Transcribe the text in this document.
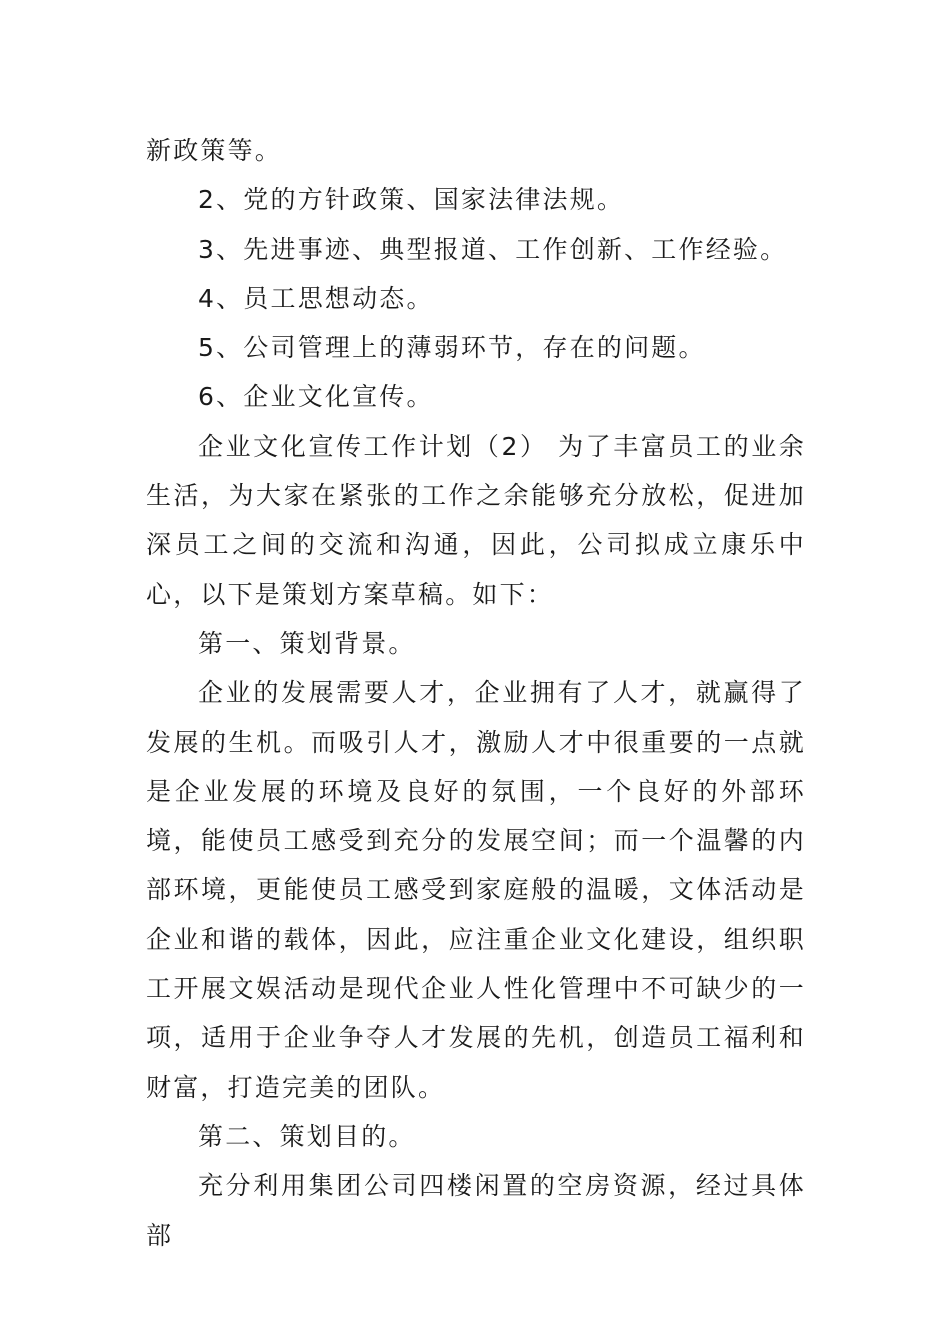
新政策等。

2、党的方针政策、国家法律法规。

3、先进事迹、典型报道、工作创新、工作经验。

4、员工思想动态。

5、公司管理上的薄弱环节，存在的问题。

6、企业文化宣传。

企业文化宣传工作计划（2） 为了丰富员工的业余生活，为大家在紧张的工作之余能够充分放松，促进加深员工之间的交流和沟通，因此，公司拟成立康乐中心，以下是策划方案草稿。如下：

第一、策划背景。

企业的发展需要人才，企业拥有了人才，就赢得了发展的生机。而吸引人才，激励人才中很重要的一点就是企业发展的环境及良好的氛围，一个良好的外部环境，能使员工感受到充分的发展空间；而一个温馨的内部环境，更能使员工感受到家庭般的温暖，文体活动是企业和谐的载体，因此，应注重企业文化建设，组织职工开展文娱活动是现代企业人性化管理中不可缺少的一项，适用于企业争夺人才发展的先机，创造员工福利和财富，打造完美的团队。

第二、策划目的。

充分利用集团公司四楼闲置的空房资源，经过具体部
